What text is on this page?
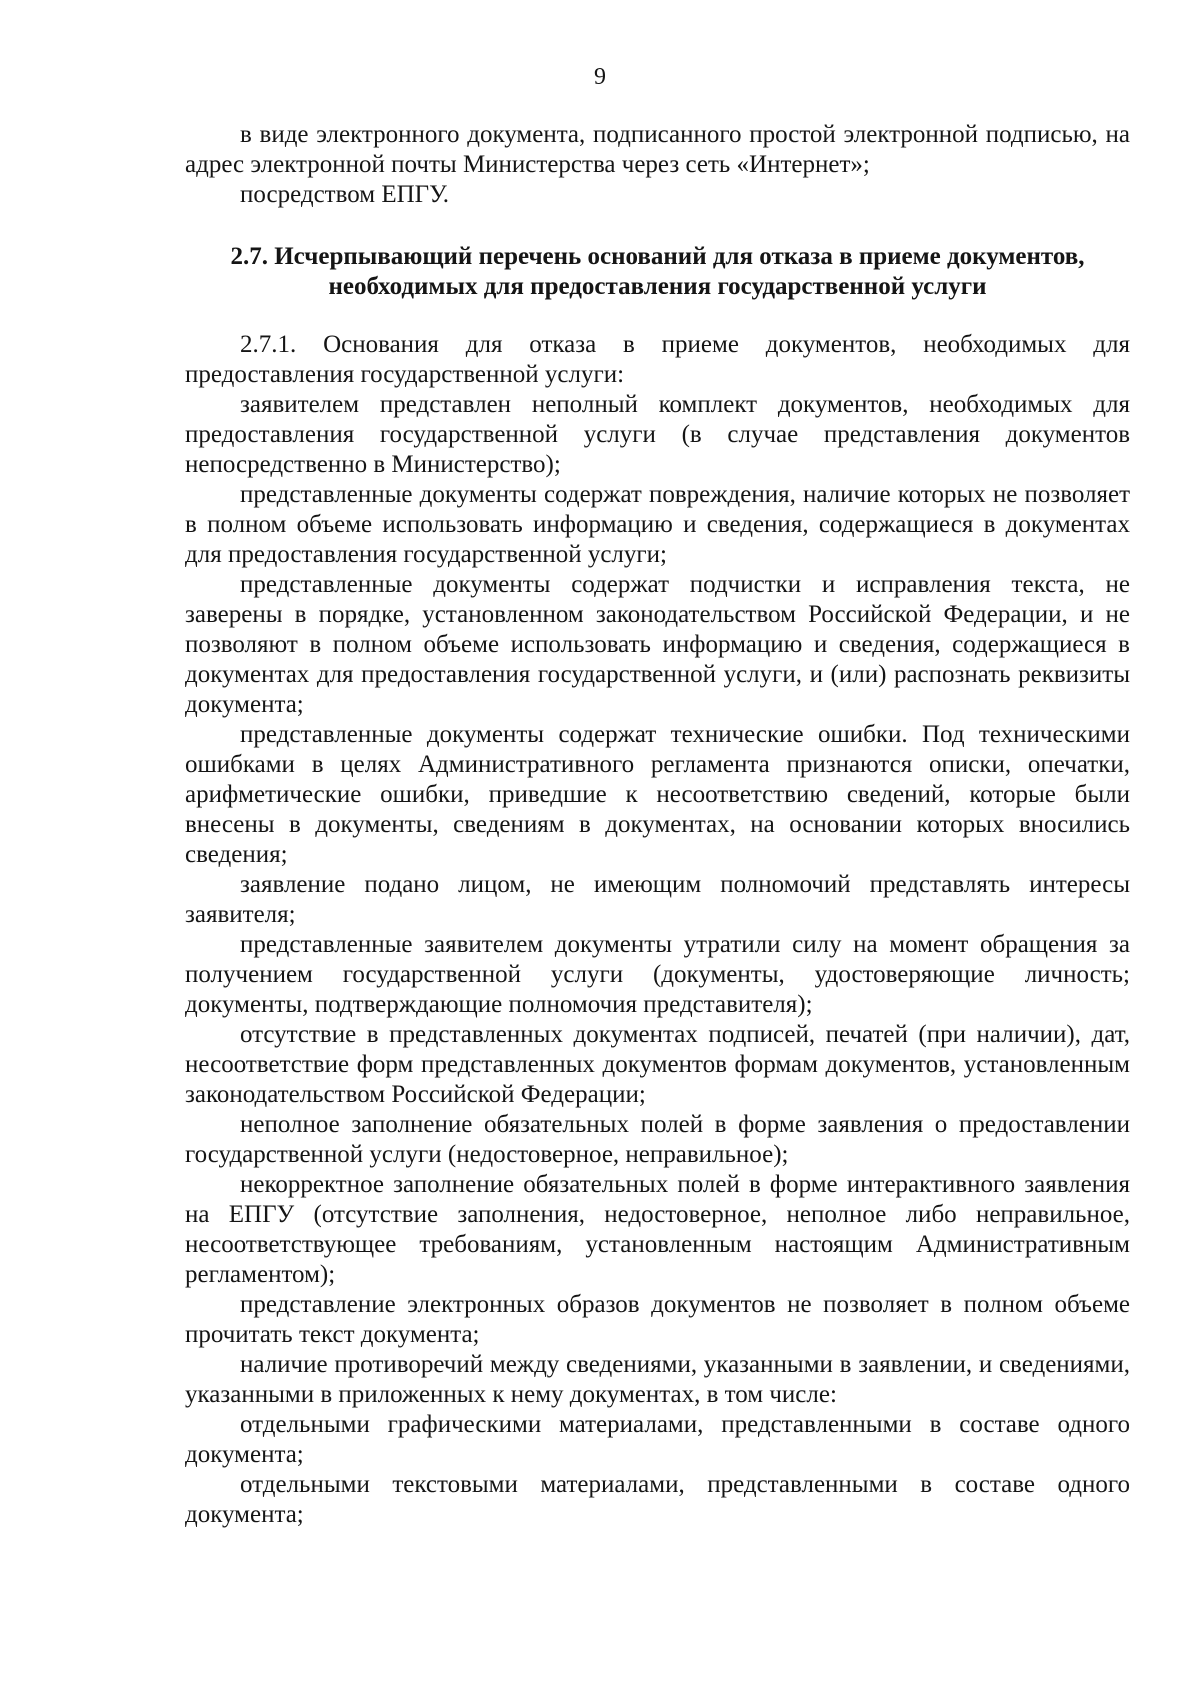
9

в виде электронного документа, подписанного простой электронной подписью, на адрес электронной почты Министерства через сеть «Интернет»;

посредством ЕПГУ.

2.7. Исчерпывающий перечень оснований для отказа в приеме документов,
необходимых для предоставления государственной услуги

2.7.1. Основания для отказа в приеме документов, необходимых для предоставления государственной услуги:

заявителем представлен неполный комплект документов, необходимых для предоставления государственной услуги (в случае представления документов непосредственно в Министерство);

представленные документы содержат повреждения, наличие которых не позволяет в полном объеме использовать информацию и сведения, содержащиеся в документах для предоставления государственной услуги;

представленные документы содержат подчистки и исправления текста, не заверены в порядке, установленном законодательством Российской Федерации, и не позволяют в полном объеме использовать информацию и сведения, содержащиеся в документах для предоставления государственной услуги, и (или) распознать реквизиты документа;

представленные документы содержат технические ошибки. Под техническими ошибками в целях Административного регламента признаются описки, опечатки, арифметические ошибки, приведшие к несоответствию сведений, которые были внесены в документы, сведениям в документах, на основании которых вносились сведения;

заявление подано лицом, не имеющим полномочий представлять интересы заявителя;

представленные заявителем документы утратили силу на момент обращения за получением государственной услуги (документы, удостоверяющие личность; документы, подтверждающие полномочия представителя);

отсутствие в представленных документах подписей, печатей (при наличии), дат, несоответствие форм представленных документов формам документов, установленным законодательством Российской Федерации;

неполное заполнение обязательных полей в форме заявления о предоставлении государственной услуги (недостоверное, неправильное);

некорректное заполнение обязательных полей в форме интерактивного заявления на ЕПГУ (отсутствие заполнения, недостоверное, неполное либо неправильное, несоответствующее требованиям, установленным настоящим Административным регламентом);

представление электронных образов документов не позволяет в полном объеме прочитать текст документа;

наличие противоречий между сведениями, указанными в заявлении, и сведениями, указанными в приложенных к нему документах, в том числе:

отдельными графическими материалами, представленными в составе одного документа;

отдельными текстовыми материалами, представленными в составе одного документа;
